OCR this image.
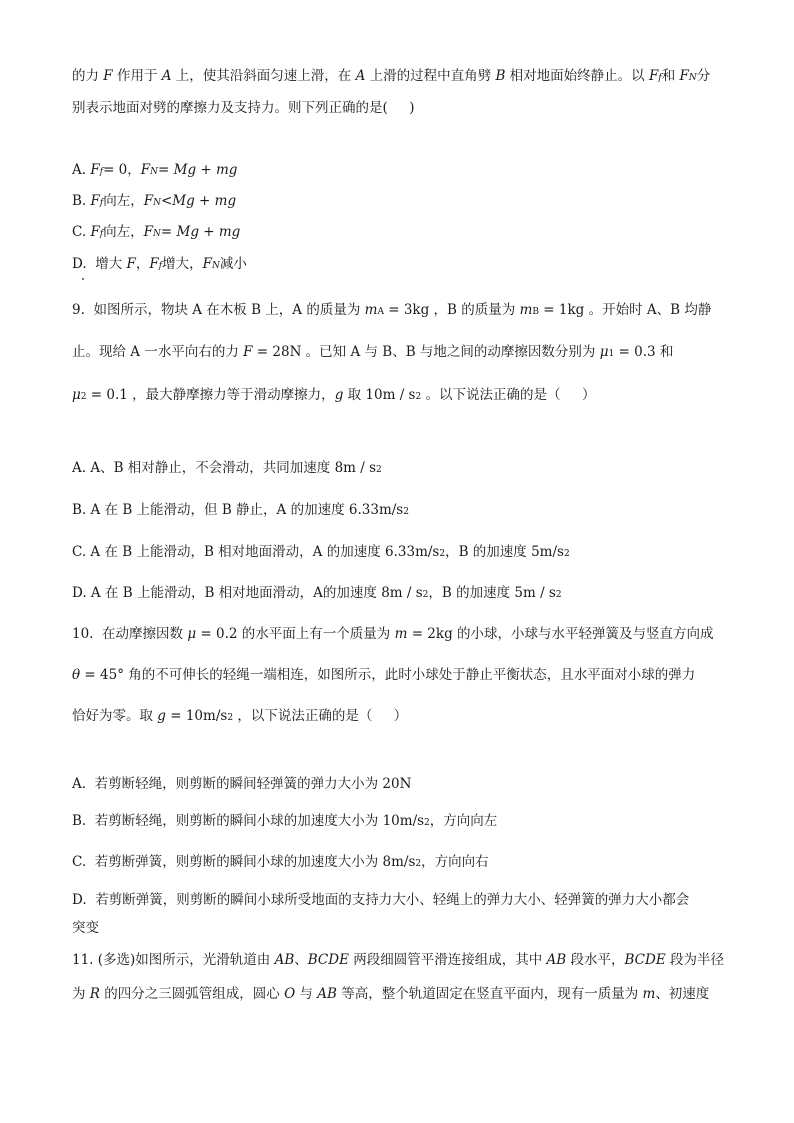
的力 F 作用于 A 上，使其沿斜面匀速上滑，在 A 上滑的过程中直角劈 B 相对地面始终静止。以 F f 和 F N 分
别表示地面对劈的摩擦力及支持力。则下列正确的是(     )
A. F f = 0， F N = Mg + mg
B. F f 向左， F N <Mg + mg
C. F f 向左， F N = Mg + mg
D.  增大 F ， F f 增大， F N 减小
9.  如图所示，物块 A 在木板 B 上，A 的质量为 m A = 3kg ，B 的质量为 m B = 1kg 。开始时 A、B 均静
止。现给 A 一水平向右的力 F = 28N 。已知 A 与 B、B 与地之间的动摩擦因数分别为 μ 1 = 0.3 和
μ 2 = 0.1 ，最大静摩擦力等于滑动摩擦力， g 取 10m / s 2 。以下说法正确的是（     ）
A. A、B 相对静止，不会滑动，共同加速度 8m / s 2
B. A 在 B 上能滑动，但 B 静止，A 的加速度 6.33m/s 2
C. A 在 B 上能滑动，B 相对地面滑动，A 的加速度 6.33m/s 2 ，B 的加速度 5m/s 2
D. A 在 B 上能滑动，B 相对地面滑动，A的加速度 8m / s 2 ，B 的加速度 5m / s 2
10.  在动摩擦因数 μ = 0.2 的水平面上有一个质量为 m = 2kg 的小球，小球与水平轻弹簧及与竖直方向成
θ = 45° 角的不可伸长的轻绳一端相连，如图所示，此时小球处于静止平衡状态，且水平面对小球的弹力
恰好为零。取 g = 10m/s 2 ，以下说法正确的是（     ）
A.  若剪断轻绳，则剪断的瞬间轻弹簧的弹力大小为 20N
B.  若剪断轻绳，则剪断的瞬间小球的加速度大小为 10m/s 2 ，方向向左
C.  若剪断弹簧，则剪断的瞬间小球的加速度大小为 8m/s 2 ，方向向右
D.  若剪断弹簧，则剪断的瞬间小球所受地面的支持力大小、轻绳上的弹力大小、轻弹簧的弹力大小都会
突变
11. (多选)如图所示，光滑轨道由 AB 、 BCDE 两段细圆管平滑连接组成，其中 AB 段水平， BCDE 段为半径
为 R 的四分之三圆弧管组成，圆心 O 与 AB 等高，整个轨道固定在竖直平面内，现有一质量为 m 、初速度
